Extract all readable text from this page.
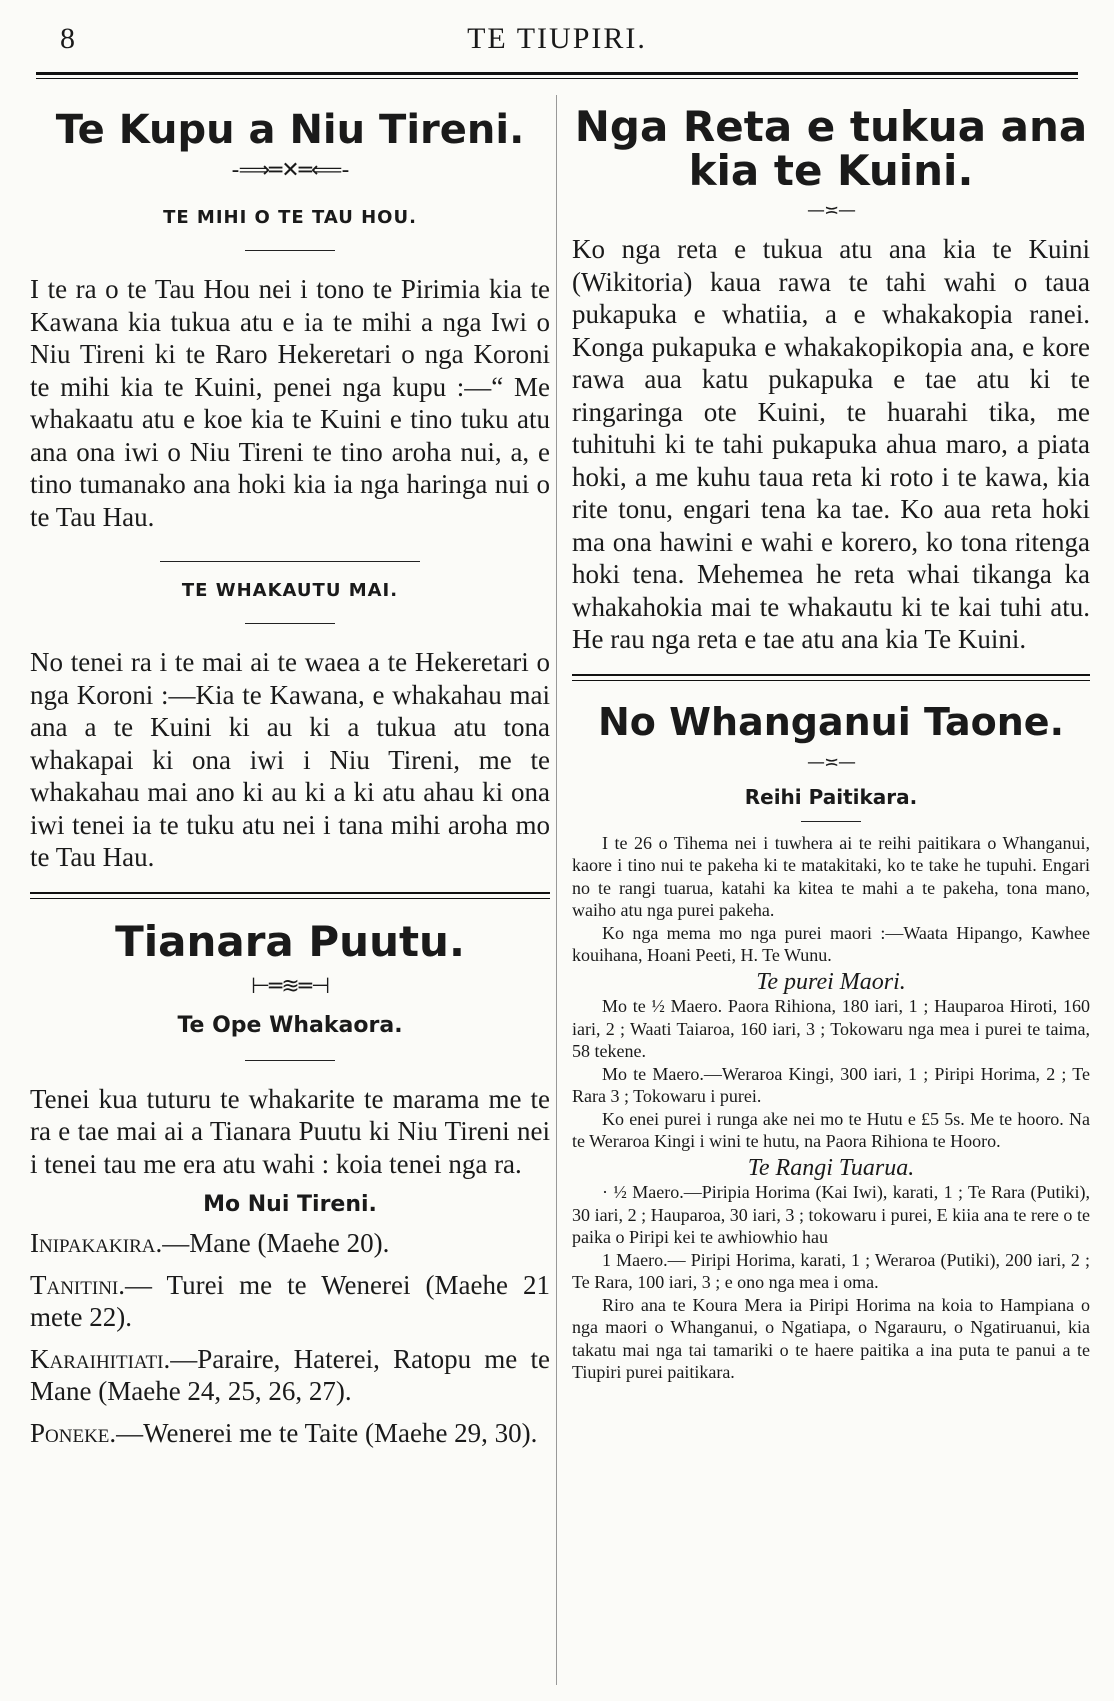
8	TE TIUPIRI.
Te Kupu a Niu Tireni.
-⟹═✕═⟸-
TE MIHI O TE TAU HOU.

I te ra o te Tau Hou nei i tono te Pirimia kia te Kawana kia tukua atu e ia te mihi a nga Iwi o Niu Tireni ki te Raro Hekeretari o nga Koroni te mihi kia te Kuini, penei nga kupu :—“ Me whakaatu atu e koe kia te Kuini e tino tuku atu ana ona iwi o Niu Tireni te tino aroha nui, a, e tino tumanako ana hoki kia ia nga haringa nui o te Tau Hau.

TE WHAKAUTU MAI.

No tenei ra i te mai ai te waea a te Hekeretari o nga Koroni :—Kia te Kawana, e whakahau mai ana a te Kuini ki au ki a tukua atu tona whakapai ki ona iwi i Niu Tireni, me te whakahau mai ano ki au ki a ki atu ahau ki ona iwi tenei ia te tuku atu nei i tana mihi aroha mo te Tau Hau.

Tianara Puutu.
⊢═≋═⊣
Te Ope Whakaora.

Tenei kua tuturu te whakarite te marama me te ra e tae mai ai a Tianara Puutu ki Niu Tireni nei i tenei tau me era atu wahi : koia tenei nga ra.

Mo Nui Tireni.

Inipakakira.—Mane (Maehe 20).

Tanitini.— Turei me te Wenerei (Maehe 21 mete 22).

Karaihitiati.—Paraire, Haterei, Ratopu me te Mane (Maehe 24, 25, 26, 27).

Poneke.—Wenerei me te Taite (Maehe 29, 30).

Nga Reta e tukua ana kia te Kuini.
—≍—

Ko nga reta e tukua atu ana kia te Kuini (Wikitoria) kaua rawa te tahi wahi o taua pukapuka e whatiia, a e whakakopia ranei. Konga pukapuka e whakakopikopia ana, e kore rawa aua katu pukapuka e tae atu ki te ringaringa ote Kuini, te huarahi tika, me tuhituhi ki te tahi pukapuka ahua maro, a piata hoki, a me kuhu taua reta ki roto i te kawa, kia rite tonu, engari tena ka tae. Ko aua reta hoki ma ona hawini e wahi e korero, ko tona ritenga hoki tena. Mehemea he reta whai tikanga ka whakahokia mai te whakautu ki te kai tuhi atu. He rau nga reta e tae atu ana kia Te Kuini.

No Whanganui Taone.
—≍—
Reihi Paitikara.

I te 26 o Tihema nei i tuwhera ai te reihi paitikara o Whanganui, kaore i tino nui te pakeha ki te matakitaki, ko te take he tupuhi. Engari no te rangi tuarua, katahi ka kitea te mahi a te pakeha, tona mano, waiho atu nga purei pakeha.

Ko nga mema mo nga purei maori :—Waata Hipango, Kawhee kouihana, Hoani Peeti, H. Te Wunu.

Te purei Maori.

Mo te ½ Maero. Paora Rihiona, 180 iari, 1 ; Hauparoa Hiroti, 160 iari, 2 ; Waati Taiaroa, 160 iari, 3 ; Tokowaru nga mea i purei te taima, 58 tekene.

Mo te Maero.—Weraroa Kingi, 300 iari, 1 ; Piripi Horima, 2 ; Te Rara 3 ; Tokowaru i purei.

Ko enei purei i runga ake nei mo te Hutu e £5 5s. Me te hooro. Na te Weraroa Kingi i wini te hutu, na Paora Rihiona te Hooro.

Te Rangi Tuarua.

· ½ Maero.—Piripia Horima (Kai Iwi), karati, 1 ; Te Rara (Putiki), 30 iari, 2 ; Hauparoa, 30 iari, 3 ; tokowaru i purei, E kiia ana te rere o te paika o Piripi kei te awhiowhio hau

1 Maero.— Piripi Horima, karati, 1 ; Weraroa (Putiki), 200 iari, 2 ; Te Rara, 100 iari, 3 ; e ono nga mea i oma.

Riro ana te Koura Mera ia Piripi Horima na koia to Hampiana o nga maori o Whanganui, o Ngatiapa, o Ngarauru, o Ngatiruanui, kia takatu mai nga tai tamariki o te haere paitika a ina puta te panui a te Tiupiri purei paitikara.
